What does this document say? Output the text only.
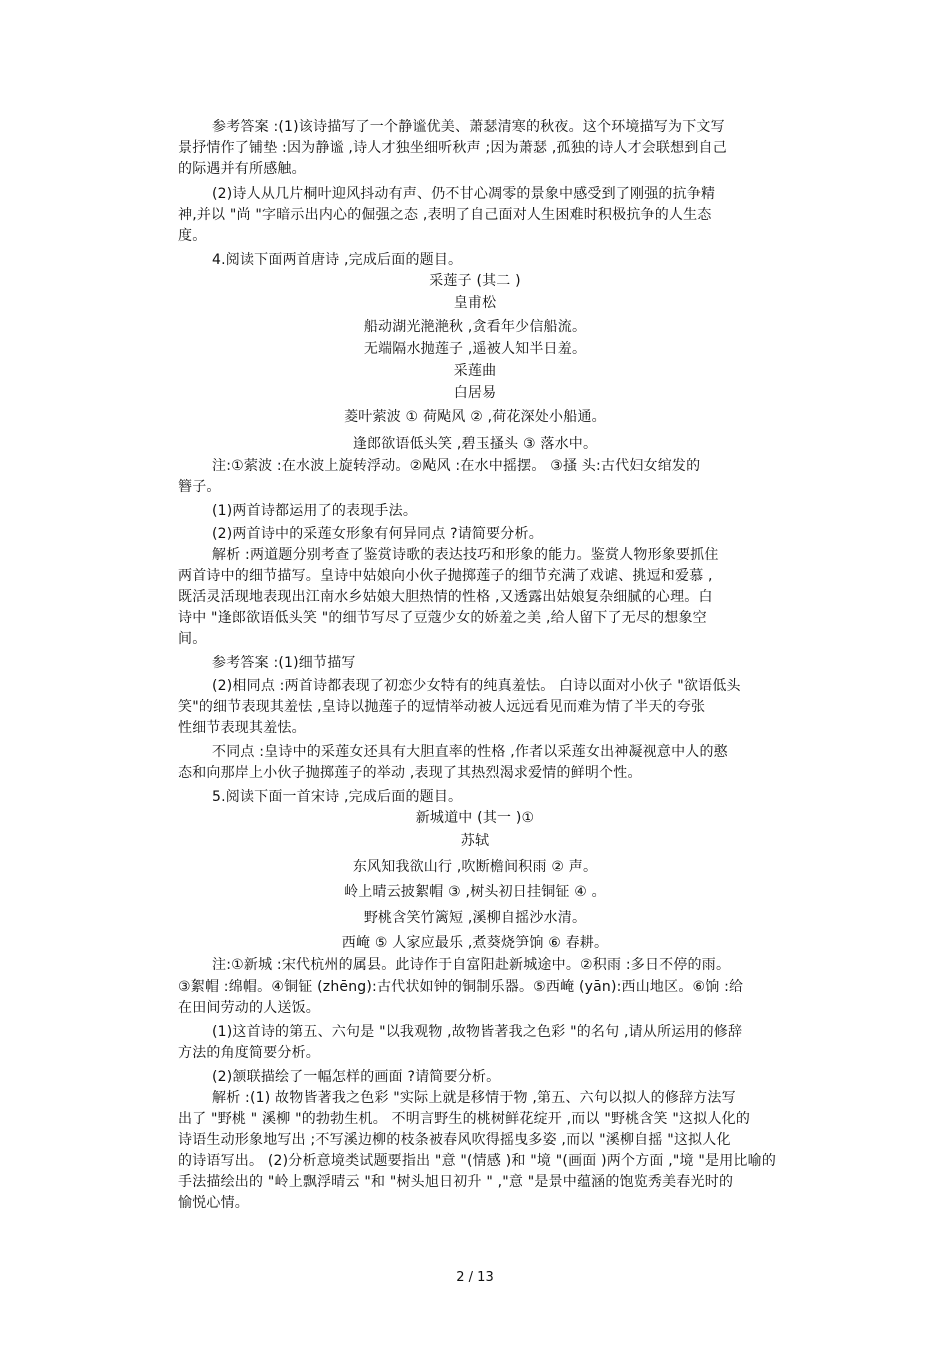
参考答案 :(1)该诗描写了一个静谧优美、萧瑟清寒的秋夜。这个环境描写为下文写
景抒情作了铺垫 :因为静谧 ,诗人才独坐细听秋声 ;因为萧瑟 ,孤独的诗人才会联想到自己
的际遇并有所感触。
(2)诗人从几片桐叶迎风抖动有声、仍不甘心凋零的景象中感受到了刚强的抗争精
神,并以 "尚 "字暗示出内心的倔强之态 ,表明了自己面对人生困难时积极抗争的人生态
度。
4.阅读下面两首唐诗 ,完成后面的题目。
采莲子 (其二 )
皇甫松
船动湖光滟滟秋 ,贪看年少信船流。
无端隔水抛莲子 ,遥被人知半日羞。
采莲曲
白居易
菱叶萦波 ① 荷飐风 ② ,荷花深处小船通。
逢郎欲语低头笑 ,碧玉搔头 ③ 落水中。
注:①萦波 :在水波上旋转浮动。②飐风 :在水中摇摆。 ③搔 头:古代妇女绾发的
簪子。
(1)两首诗都运用了的表现手法。
(2)两首诗中的采莲女形象有何异同点 ?请简要分析。
解析 :两道题分别考查了鉴赏诗歌的表达技巧和形象的能力。鉴赏人物形象要抓住
两首诗中的细节描写。皇诗中姑娘向小伙子抛掷莲子的细节充满了戏谑、挑逗和爱慕 ,
既活灵活现地表现出江南水乡姑娘大胆热情的性格 ,又透露出姑娘复杂细腻的心理。白
诗中 "逢郎欲语低头笑 "的细节写尽了豆蔻少女的娇羞之美 ,给人留下了无尽的想象空
间。
参考答案 :(1)细节描写
(2)相同点 :两首诗都表现了初恋少女特有的纯真羞怯。 白诗以面对小伙子 "欲语低头
笑"的细节表现其羞怯 ,皇诗以抛莲子的逗情举动被人远远看见而难为情了半天的夸张
性细节表现其羞怯。
不同点 :皇诗中的采莲女还具有大胆直率的性格 ,作者以采莲女出神凝视意中人的憨
态和向那岸上小伙子抛掷莲子的举动 ,表现了其热烈渴求爱情的鲜明个性。
5.阅读下面一首宋诗 ,完成后面的题目。
新城道中 (其一 )①
苏轼
东风知我欲山行 ,吹断檐间积雨 ② 声。
岭上晴云披絮帽 ③ ,树头初日挂铜钲 ④ 。
野桃含笑竹篱短 ,溪柳自摇沙水清。
西崦 ⑤ 人家应最乐 ,煮葵烧笋饷 ⑥ 春耕。
注:①新城 :宋代杭州的属县。此诗作于自富阳赴新城途中。②积雨 :多日不停的雨。
③絮帽 :绵帽。④铜钲 (zhēng):古代状如钟的铜制乐器。⑤西崦 (yān):西山地区。⑥饷 :给
在田间劳动的人送饭。
(1)这首诗的第五、六句是 "以我观物 ,故物皆著我之色彩 "的名句 ,请从所运用的修辞
方法的角度简要分析。
(2)颔联描绘了一幅怎样的画面 ?请简要分析。
解析 :(1) 故物皆著我之色彩 "实际上就是移情于物 ,第五、六句以拟人的修辞方法写
出了 "野桃 " 溪柳 "的勃勃生机。 不明言野生的桃树鲜花绽开 ,而以 "野桃含笑 "这拟人化的
诗语生动形象地写出 ;不写溪边柳的枝条被春风吹得摇曳多姿 ,而以 "溪柳自摇 "这拟人化
的诗语写出。 (2)分析意境类试题要指出 "意 "(情感 )和 "境 "(画面 )两个方面 ,"境 "是用比喻的
手法描绘出的 "岭上飘浮晴云 "和 "树头旭日初升 " ,"意 "是景中蕴涵的饱览秀美春光时的
愉悦心情。
2 / 13
